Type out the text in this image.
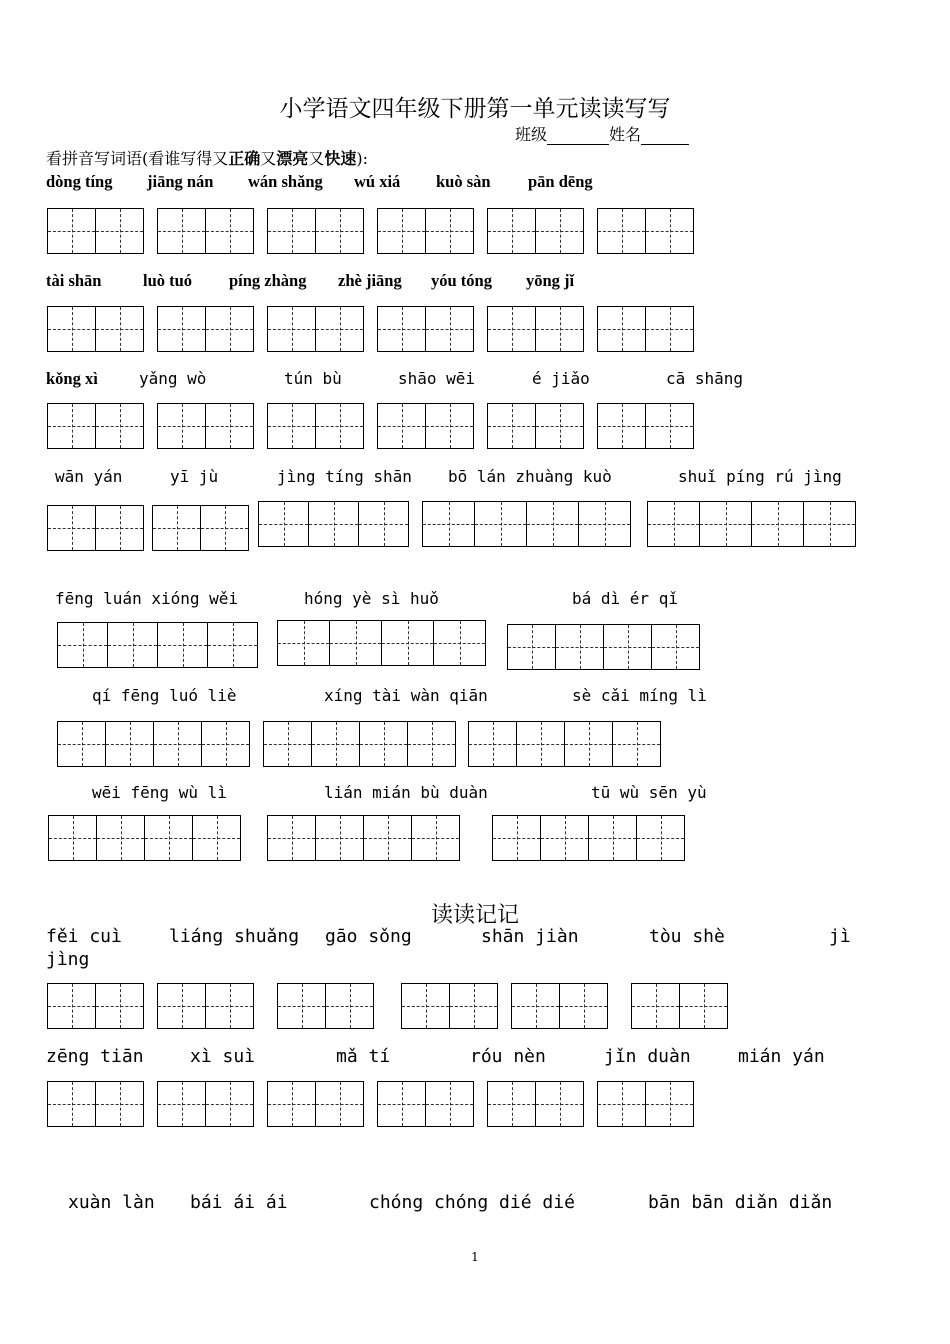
小学语文四年级下册第一单元读读写写
班级	姓名
看拼音写词语(看谁写得又正确又漂亮又快速):
dòng tíng jiāng nán wán shǎng wú xiá kuò sàn pān dēng
tài shān	luò tuó píng zhàng zhè jiāng yóu tóng yōng jǐ
kǒng xì	yǎng wò	tún bù	shāo wēi	é jiǎo	cā shāng
wān yán	yī jù	jìng tíng shān bō lán zhuàng kuò	shuǐ píng rú jìng
fēng luán xióng wěi	hóng yè sì huǒ	bá dì ér qǐ
qí fēng luó liè	xíng tài wàn qiān	sè cǎi míng lì
wēi fēng wù lì	lián mián bù duàn	tū wù sēn yù
读读记记
fěi cuì	liáng shuǎng gāo sǒng	shān jiàn	tòu shè	jì
jìng
zēng tiān	xì suì	mǎ tí	róu nèn	jǐn duàn	mián yán
xuàn làn bái ái ái	chóng chóng dié dié	bān bān diǎn diǎn
1
